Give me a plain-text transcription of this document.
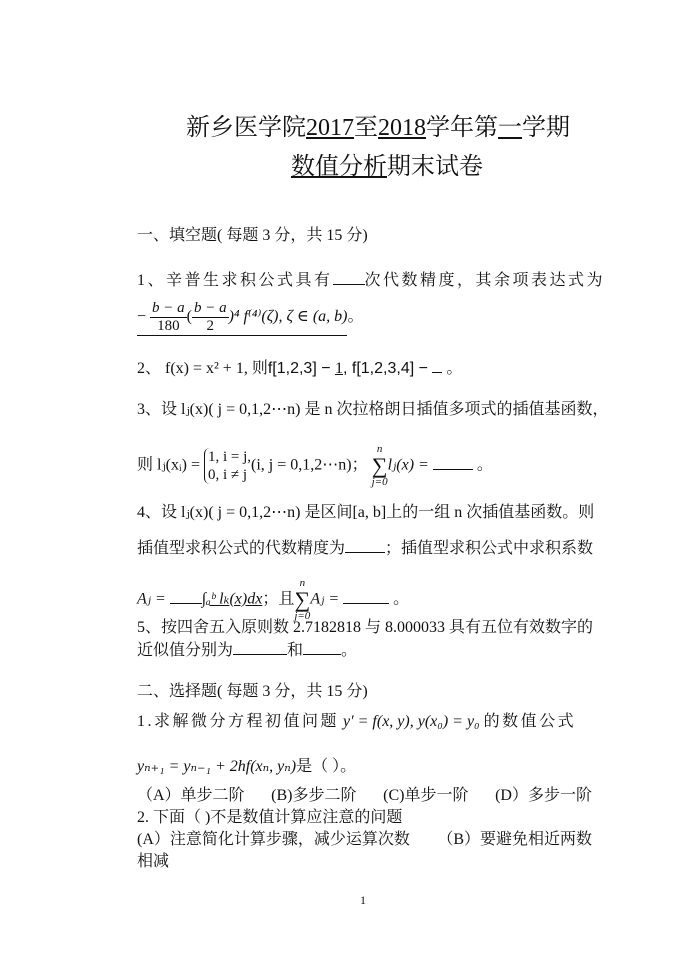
新乡医学院2017至2018学年第一学期
数值分析期末试卷
一、填空题( 每题 3 分，共 15 分)
1、辛普生求积公式具有 次代数精度，其余项表达式为
− $\frac{b - a}{180}$ ( $\frac{b - a}{2} )^4$ f⁽⁴⁾(ζ), ζ ∈ (a, b)。
2、 f(x) = x² + 1, 则f[1,2,3] − 1, f[1,2,3,4] −  。
3、设 lⱼ(x)( j = 0,1,2⋯n) 是 n 次拉格朗日插值多项式的插值基函数，
则 lⱼ(xᵢ) = 1, i = j,
0, i ≠ j
(i, j = 0,1,2⋯n)；
n
∑
j=0
lⱼ(x) =	。
4、设 lⱼ(x)( j = 0,1,2⋯n) 是区间[a, b]上的一组 n 次插值基函数。则
插值型求积公式的代数精度为	；插值型求积公式中求积系数
Aⱼ = ∫ₐᵇ lₖ(x)dx；且
n
∑
j=0
Aⱼ =	。
5、按四舍五入原则数 2.7182818 与 8.000033 具有五位有效数字的
近似值分别为	和 。
二、选择题( 每题 3 分，共 15 分)
1.求解微分方程初值问题 y′ = f(x, y), y(x₀) = y₀ 的数值公式
yₙ₊₁ = yₙ₋₁ + 2hf(xₙ, yₙ)是（ ）。
（A）单步二阶 (B)多步二阶 (C)单步一阶 (D）多步一阶
2. 下面（ )不是数值计算应注意的问题
(A）注意简化计算步骤，减少运算次数 （B）要避免相近两数
相减
1
